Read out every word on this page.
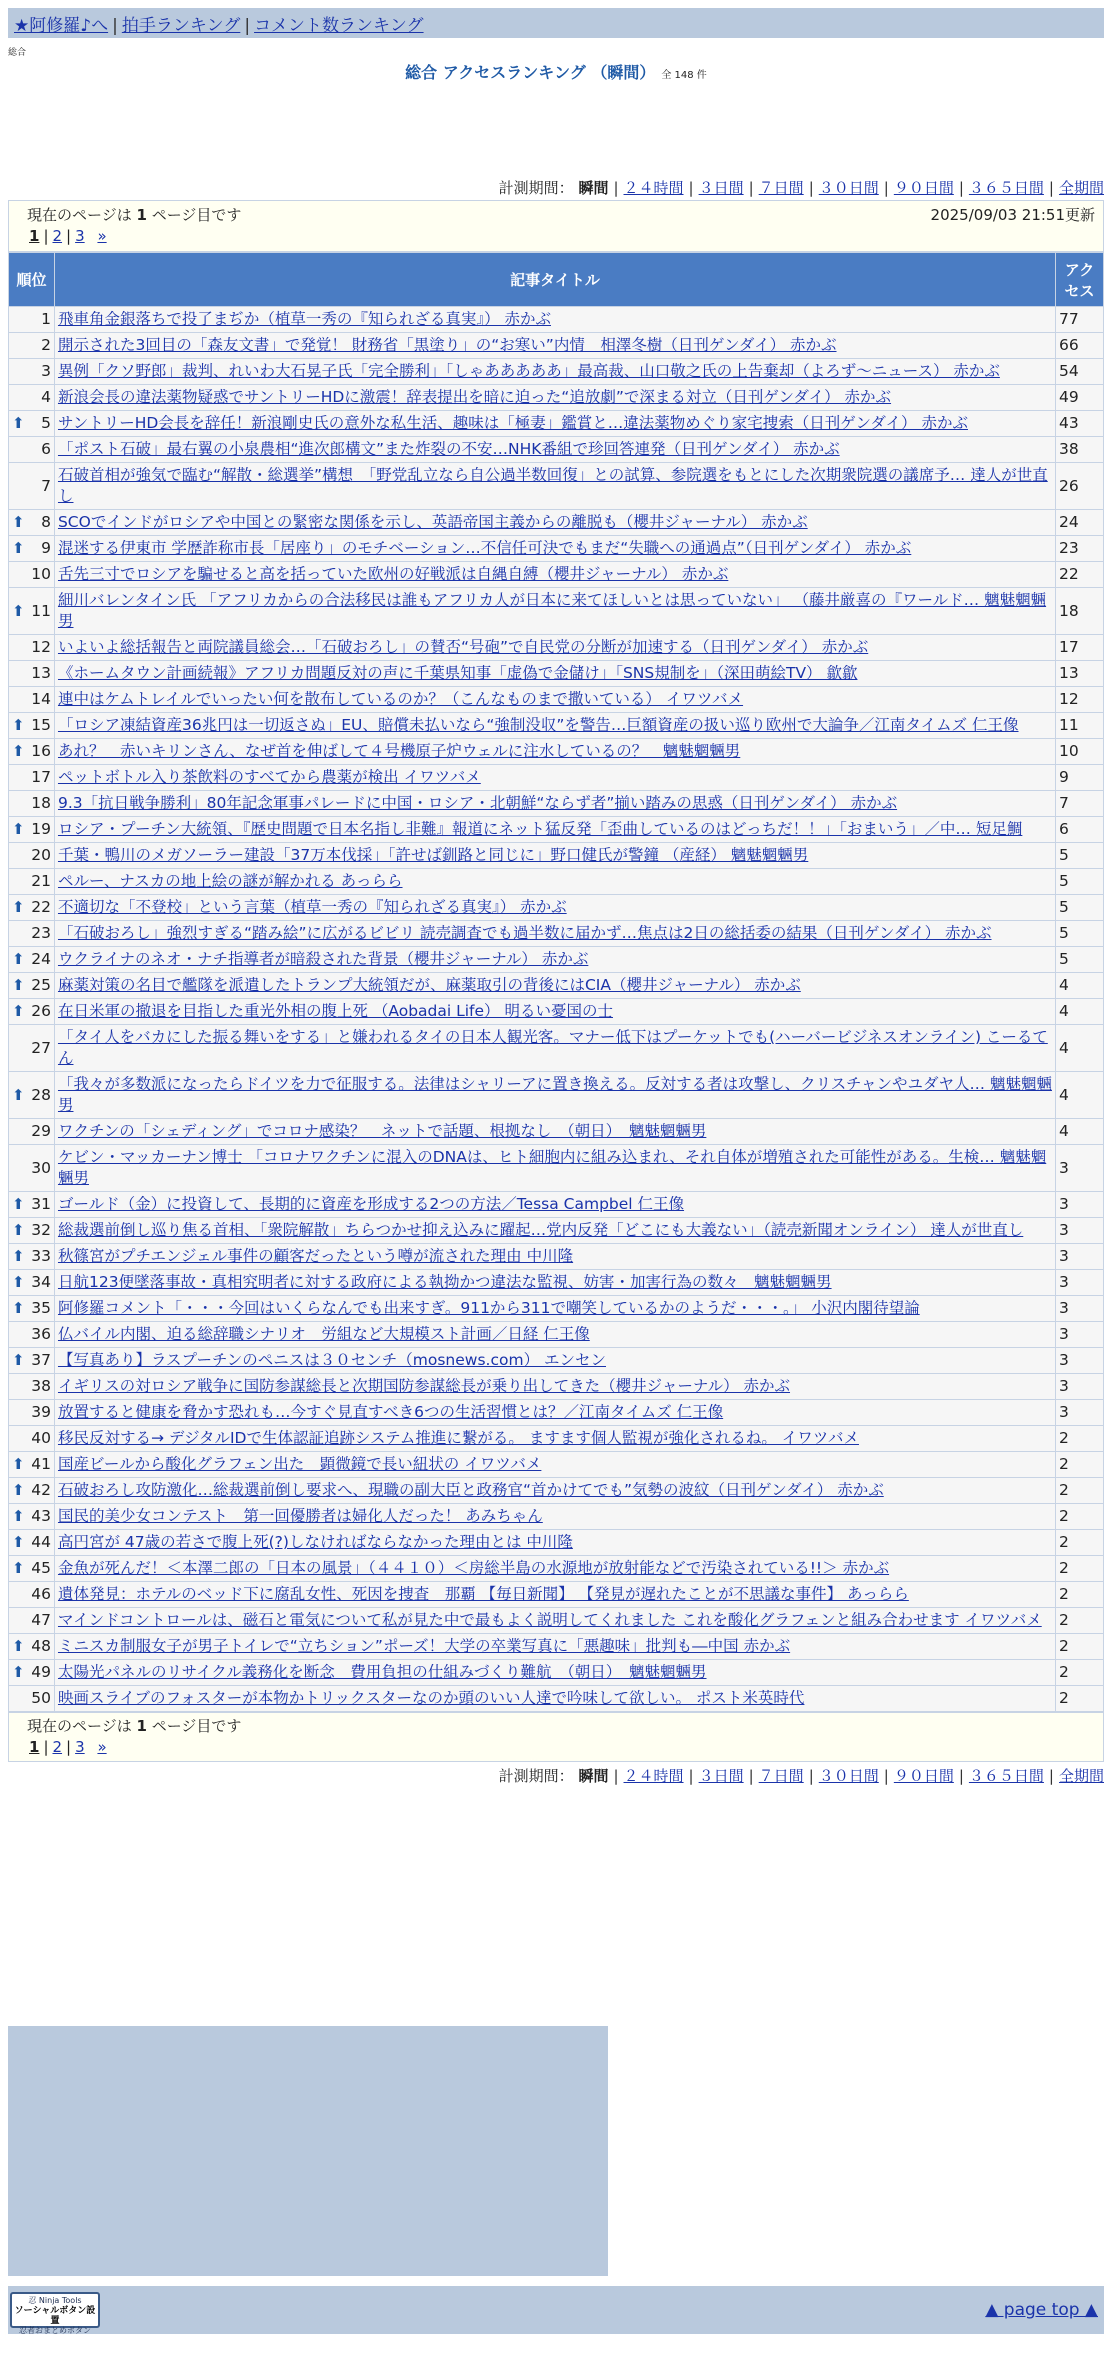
★阿修羅♪へ | 拍手ランキング | コメント数ランキング
総合
総合 アクセスランキング （瞬間） 全 148 件
計測期間： 瞬間 | ２４時間 | ３日間 | ７日間 | ３０日間 | ９０日間 | ３６５日間 | 全期間
現在のページは 1 ページ目です	2025/09/03 21:51更新
1 | 2 | 3 »
順位	記事タイトル	アクセス
1	飛車角金銀落ちで投了まぢか（植草一秀の『知られざる真実』） 赤かぶ	77
2	開示された3回目の「森友文書」で発覚！ 財務省「黒塗り」の“お寒い”内情　相澤冬樹（日刊ゲンダイ） 赤かぶ	66
3	異例「クソ野郎」裁判、れいわ大石晃子氏「完全勝利」「しゃあああああ」最高裁、山口敬之氏の上告棄却（よろず～ニュース） 赤かぶ	54
4	新浪会長の違法薬物疑惑でサントリーHDに激震！辞表提出を暗に迫った“追放劇”で深まる対立（日刊ゲンダイ） 赤かぶ	49

⬆ 5	サントリーHD会長を辞任！新浪剛史氏の意外な私生活、趣味は「極妻」鑑賞と…違法薬物めぐり家宅捜索（日刊ゲンダイ） 赤かぶ	43
6	「ポスト石破」最右翼の小泉農相“進次郎構文”また炸裂の不安…NHK番組で珍回答連発（日刊ゲンダイ） 赤かぶ	38
7	石破首相が強気で臨む“解散・総選挙”構想　「野党乱立なら自公過半数回復」との試算、参院選をもとにした次期衆院選の議席予… 達人が世直し	26

⬆ 8	SCOでインドがロシアや中国との緊密な関係を示し、英語帝国主義からの離脱も（櫻井ジャーナル） 赤かぶ	24

⬆ 9	混迷する伊東市 学歴詐称市長「居座り」のモチベーション…不信任可決でもまだ“失職への通過点”（日刊ゲンダイ） 赤かぶ	23
10	舌先三寸でロシアを騙せると高を括っていた欧州の好戦派は自縄自縛（櫻井ジャーナル） 赤かぶ	22

⬆ 11	細川バレンタイン氏 「アフリカからの合法移民は誰もアフリカ人が日本に来てほしいとは思っていない」 （藤井厳喜の『ワールド… 魑魅魍魎男	18
12	いよいよ総括報告と両院議員総会…「石破おろし」の賛否“号砲”で自民党の分断が加速する（日刊ゲンダイ） 赤かぶ	17
13	《ホームタウン計画続報》アフリカ問題反対の声に千葉県知事「虚偽で金儲け」「SNS規制を」（深田萌絵TV） 歙歙	13
14	連中はケムトレイルでいったい何を散布しているのか？（こんなものまで撒いている） イワツバメ	12

⬆ 15	「ロシア凍結資産36兆円は一切返さぬ」EU、賠償未払いなら“強制没収”を警告…巨額資産の扱い巡り欧州で大論争／江南タイムズ 仁王像	11

⬆ 16	あれ？　赤いキリンさん、なぜ首を伸ばして４号機原子炉ウェルに注水しているの？　魑魅魍魎男	10
17	ペットボトル入り茶飲料のすべてから農薬が検出 イワツバメ	9
18	9.3「抗日戦争勝利」80年記念軍事パレードに中国・ロシア・北朝鮮“ならず者”揃い踏みの思惑（日刊ゲンダイ） 赤かぶ	7

⬆ 19	ロシア・プーチン大統領、『歴史問題で日本名指し非難』報道にネット猛反発「歪曲しているのはどっちだ！！」「おまいう」／中… 短足鯛	6
20	千葉・鴨川のメガソーラー建設「37万本伐採」「許せば釧路と同じに」野口健氏が警鐘 （産経） 魑魅魍魎男	5
21	ペルー、ナスカの地上絵の謎が解かれる あっらら	5

⬆ 22	不適切な「不登校」という言葉（植草一秀の『知られざる真実』） 赤かぶ	5
23	「石破おろし」強烈すぎる“踏み絵”に広がるビビリ 読売調査でも過半数に届かず…焦点は2日の総括委の結果（日刊ゲンダイ） 赤かぶ	5

⬆ 24	ウクライナのネオ・ナチ指導者が暗殺された背景（櫻井ジャーナル） 赤かぶ	5

⬆ 25	麻薬対策の名目で艦隊を派遣したトランプ大統領だが、麻薬取引の背後にはCIA（櫻井ジャーナル） 赤かぶ	4

⬆ 26	在日米軍の撤退を目指した重光外相の腹上死 （Aobadai Life） 明るい憂国の士	4
27	「タイ人をバカにした振る舞いをする」と嫌われるタイの日本人観光客。マナー低下はプーケットでも(ハーバービジネスオンライン) こーるてん	4

⬆ 28	「我々が多数派になったらドイツを力で征服する。法律はシャリーアに置き換える。反対する者は攻撃し、クリスチャンやユダヤ人… 魑魅魍魎男	4
29	ワクチンの「シェディング」でコロナ感染？　ネットで話題、根拠なし　（朝日）　魑魅魍魎男	4
30	ケビン・マッカーナン博士 「コロナワクチンに混入のDNAは、ヒト細胞内に組み込まれ、それ自体が増殖された可能性がある。生検… 魑魅魍魎男	3

⬆ 31	ゴールド（金）に投資して、長期的に資産を形成する2つの方法／Tessa Campbel 仁王像	3

⬆ 32	総裁選前倒し巡り焦る首相、「衆院解散」ちらつかせ抑え込みに躍起…党内反発「どこにも大義ない」（読売新聞オンライン） 達人が世直し	3

⬆ 33	秋篠宮がプチエンジェル事件の顧客だったという噂が流された理由 中川隆	3

⬆ 34	日航123便墜落事故・真相究明者に対する政府による執拗かつ違法な監視、妨害・加害行為の数々　魑魅魍魎男	3

⬆ 35	阿修羅コメント「・・・今回はいくらなんでも出来すぎ。911から311で嘲笑しているかのようだ・・・。」 小沢内閣待望論	3
36	仏バイル内閣、迫る総辞職シナリオ　労組など大規模スト計画／日経 仁王像	3

⬆ 37	【写真あり】ラスプーチンのペニスは３０センチ（mosnews.com） エンセン	3
38	イギリスの対ロシア戦争に国防参謀総長と次期国防参謀総長が乗り出してきた（櫻井ジャーナル） 赤かぶ	3
39	放置すると健康を脅かす恐れも…今すぐ見直すべき6つの生活習慣とは？／江南タイムズ 仁王像	3
40	移民反対する→ デジタルIDで生体認証追跡システム推進に繋がる。 ますます個人監視が強化されるね。 イワツバメ	2

⬆ 41	国産ビールから酸化グラフェン出た　顕微鏡で長い紐状の イワツバメ	2

⬆ 42	石破おろし攻防激化…総裁選前倒し要求へ、現職の副大臣と政務官“首かけてでも”気勢の波紋（日刊ゲンダイ） 赤かぶ	2

⬆ 43	国民的美少女コンテスト　第一回優勝者は婦化人だった！ あみちゃん	2

⬆ 44	高円宮が 47歳の若さで腹上死(?)しなければならなかった理由とは 中川隆	2

⬆ 45	金魚が死んだ！＜本澤二郎の「日本の風景」（４４１０）＜房総半島の水源地が放射能などで汚染されている!!＞ 赤かぶ	2
46	遺体発見：ホテルのベッド下に腐乱女性、死因を捜査　那覇 【毎日新聞】 【発見が遅れたことが不思議な事件】 あっらら	2
47	マインドコントロールは、磁石と電気について私が見た中で最もよく説明してくれました これを酸化グラフェンと組み合わせます イワツバメ	2

⬆ 48	ミニスカ制服女子が男子トイレで“立ちション”ポーズ！大学の卒業写真に「悪趣味」批判も―中国 赤かぶ	2

⬆ 49	太陽光パネルのリサイクル義務化を断念　費用負担の仕組みづくり難航　（朝日）　魑魅魍魎男	2
50	映画スライブのフォスターが本物かトリックスターなのか頭のいい人達で吟味して欲しい。 ポスト米英時代	2
現在のページは 1 ページ目です
1 | 2 | 3 »
計測期間： 瞬間 | ２４時間 | ３日間 | ７日間 | ３０日間 | ９０日間 | ３６５日間 | 全期間
忍 Ninja Tools
ソーシャルボタン設置
忍者おまとめボタン
▲ page top ▲
